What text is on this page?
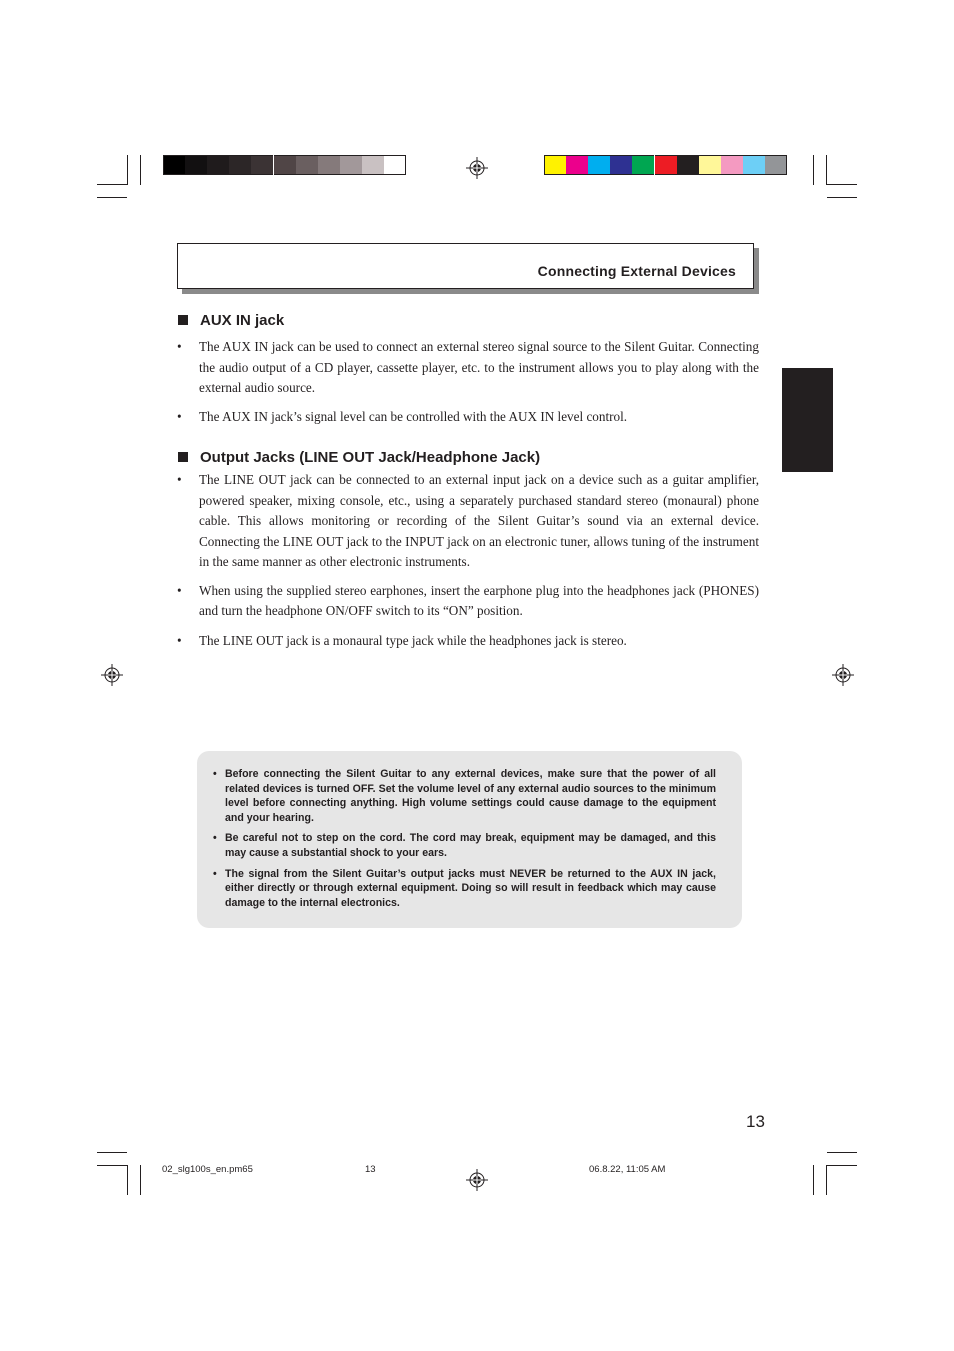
Connecting External Devices
AUX IN jack
• The AUX IN jack can be used to connect an external stereo signal source to the Silent Guitar. Connecting the audio output of a CD player, cassette player, etc. to the instrument allows you to play along with the external audio source.
• The AUX IN jack’s signal level can be controlled with the AUX IN level control.
Output Jacks (LINE OUT Jack/Headphone Jack)
• The LINE OUT jack can be connected to an external input jack on a device such as a guitar amplifier, powered speaker, mixing console, etc., using a separately purchased standard stereo (monaural) phone cable. This allows monitoring or recording of the Silent Guitar’s sound via an external device. Connecting the LINE OUT jack to the INPUT jack on an electronic tuner, allows tuning of the instrument in the same manner as other electronic instruments.
• When using the supplied stereo earphones, insert the earphone plug into the headphones jack (PHONES) and turn the headphone ON/OFF switch to its “ON” position.
• The LINE OUT jack is a monaural type jack while the headphones jack is stereo.
• Before connecting the Silent Guitar to any external devices, make sure that the power of all related devices is turned OFF. Set the volume level of any external audio sources to the minimum level before connecting anything. High volume settings could cause damage to the equipment and your hearing.
• Be careful not to step on the cord. The cord may break, equipment may be damaged, and this may cause a substantial shock to your ears.
• The signal from the Silent Guitar’s output jacks must NEVER be returned to the AUX IN jack, either directly or through external equipment. Doing so will result in feedback which may cause damage to the internal electronics.
13
02_slg100s_en.pm65	13	06.8.22, 11:05 AM
